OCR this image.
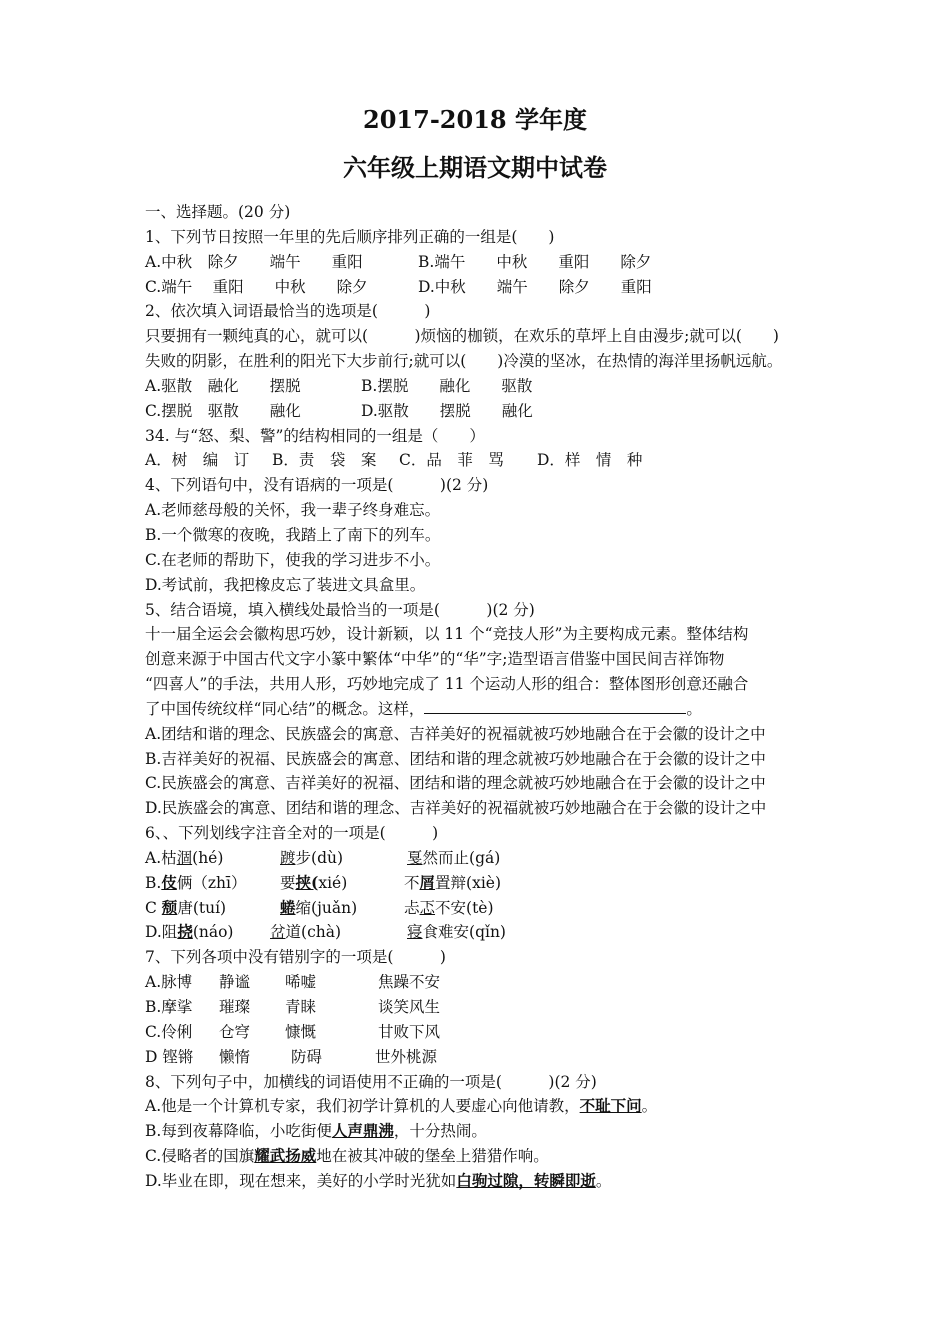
2017-2018 学年度
六年级上期语文期中试卷
一、选择题。(20 分)
1、下列节日按照一年里的先后顺序排列正确的一组是(　　)
A.中秋　除夕　　端午　　重阳	B.端午　　中秋　　重阳　　除夕
C.端午　 重阳　　中秋　　除夕	D.中秋　　端午　　除夕　　重阳
2、依次填入词语最恰当的选项是(　　　)
只要拥有一颗纯真的心，就可以(　　　)烦恼的枷锁，在欢乐的草坪上自由漫步;就可以(　　)
失败的阴影，在胜利的阳光下大步前行;就可以(　　)冷漠的坚冰，在热情的海洋里扬帆远航。
A.驱散　融化　　摆脱	B.摆脱　　融化　　驱散
C.摆脱　驱散　　融化	D.驱散　　摆脱　　融化
34. 与“怒、梨、警”的结构相同的一组是（　　）
A．树　编　订 B．责　袋　案 C．品　菲　骂 D．样　情　种
4、下列语句中，没有语病的一项是(　　　)(2 分)
A.老师慈母般的关怀，我一辈子终身难忘。
B.一个微寒的夜晚，我踏上了南下的列车。
C.在老师的帮助下，使我的学习进步不小。
D.考试前，我把橡皮忘了装进文具盒里。
5、结合语境，填入横线处最恰当的一项是(　　　)(2 分)
十一届全运会会徽构思巧妙，设计新颖，以 11 个“竞技人形”为主要构成元素。整体结构
创意来源于中国古代文字小篆中繁体“中华”的“华”字;造型语言借鉴中国民间吉祥饰物
“四喜人”的手法，共用人形，巧妙地完成了 11 个运动人形的组合：整体图形创意还融合
了中国传统纹样“同心结”的概念。这样，	。
A.团结和谐的理念、民族盛会的寓意、吉祥美好的祝福就被巧妙地融合在于会徽的设计之中
B.吉祥美好的祝福、民族盛会的寓意、团结和谐的理念就被巧妙地融合在于会徽的设计之中
C.民族盛会的寓意、吉祥美好的祝福、团结和谐的理念就被巧妙地融合在于会徽的设计之中
D.民族盛会的寓意、团结和谐的理念、吉祥美好的祝福就被巧妙地融合在于会徽的设计之中
6、、下列划线字注音全对的一项是(　　　)
A.枯涸(hé)	踱步(dù)	戛然而止(gá)
B.伎俩（zhī） 要挟(xié)	不屑置辩(xiè)
C 颓唐(tuí)	蜷缩(juǎn)	忐忑不安(tè)
D.阻挠(náo) 岔道(chà)	寝食难安(qǐn)
7、下列各项中没有错别字的一项是(　　　)
A.脉博 静谧 唏嘘	焦躁不安
B.摩挲 璀璨 青睐	谈笑风生
C.伶俐 仓穹 慷慨	甘败下风
D 铿锵 懒惰	防碍	世外桃源
8、下列句子中，加横线的词语使用不正确的一项是(　　　)(2 分)
A.他是一个计算机专家，我们初学计算机的人要虚心向他请教，不耻下问。
B.每到夜幕降临，小吃街便人声鼎沸，十分热闹。
C.侵略者的国旗耀武扬威地在被其冲破的堡垒上猎猎作响。
D.毕业在即，现在想来，美好的小学时光犹如白驹过隙，转瞬即逝。
